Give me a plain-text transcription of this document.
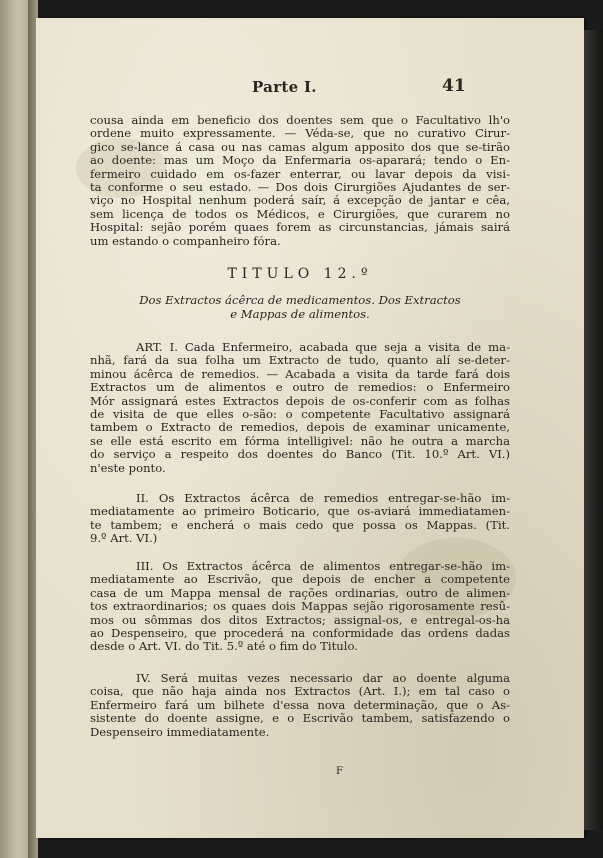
Parte I.	41
cousa ainda em beneficio dos doentes sem que o Facultativo lh'o
ordene muito expressamente. — Véda-se, que no curativo Cirur-
gico se-lance á casa ou nas camas algum apposito dos que se-tirão
ao doente: mas um Moço da Enfermaria os-aparará; tendo o En-
fermeiro cuidado em os-fazer enterrar, ou lavar depois da visi-
ta conforme o seu estado. — Dos dois Cirurgiões Ajudantes de ser-
viço no Hospital nenhum poderá saír, á excepção de jantar e cêa,
sem licença de todos os Médicos, e Cirurgiões, que curarem no
Hospital: sejão porém quaes forem as circunstancias, jámais sairá
um estando o companheiro fóra.
TITULO 12.º
Dos Extractos ácêrca de medicamentos. Dos Extractos
e Mappas de alimentos.
ART. I. Cada Enfermeiro, acabada que seja a visita de ma-
nhã, fará da sua folha um Extracto de tudo, quanto alí se-deter-
minou ácêrca de remedios. — Acabada a visita da tarde fará dois
Extractos um de alimentos e outro de remedios: o Enfermeiro
Mór assignará estes Extractos depois de os-conferir com as folhas
de visita de que elles o-são: o competente Facultativo assignará
tambem o Extracto de remedios, depois de examinar unicamente,
se elle está escrito em fórma intelligivel: não he outra a marcha
do serviço a respeito dos doentes do Banco (Tit. 10.º Art. VI.)
n'este ponto.
II. Os Extractos ácêrca de remedios entregar-se-hão im-
mediatamente ao primeiro Boticario, que os-aviará immediatamen-
te tambem; e encherá o mais cedo que possa os Mappas. (Tit.
9.º Art. VI.)
III. Os Extractos ácêrca de alimentos entregar-se-hão im-
mediatamente ao Escrivão, que depois de encher a competente
casa de um Mappa mensal de rações ordinarias, outro de alimen-
tos extraordinarios; os quaes dois Mappas sejão rigorosamente resû-
mos ou sômmas dos ditos Extractos; assignal-os, e entregal-os-ha
ao Despenseiro, que procederá na conformidade das ordens dadas
desde o Art. VI. do Tit. 5.º até o fim do Titulo.
IV. Será muitas vezes necessario dar ao doente alguma
coisa, que não haja ainda nos Extractos (Art. I.); em tal caso o
Enfermeiro fará um bilhete d'essa nova determinação, que o As-
sistente do doente assigne, e o Escrivão tambem, satisfazendo o
Despenseiro immediatamente.
F
